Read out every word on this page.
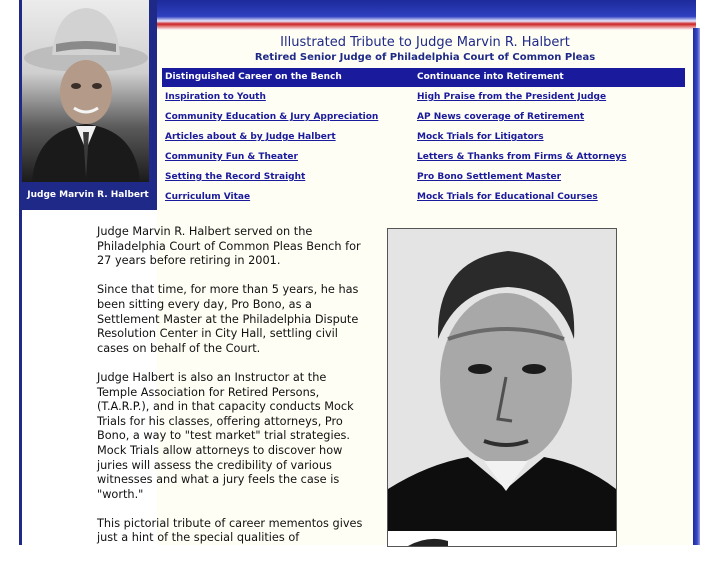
Judge Marvin R. Halbert
Illustrated Tribute to Judge Marvin R. Halbert
Retired Senior Judge of Philadelphia Court of Common Pleas
Distinguished Career on the Bench
Inspiration to Youth
Community Education & Jury Appreciation
Articles about & by Judge Halbert
Community Fun & Theater
Setting the Record Straight
Curriculum Vitae
Continuance into Retirement
High Praise from the President Judge
AP News coverage of Retirement
Mock Trials for Litigators
Letters & Thanks from Firms & Attorneys
Pro Bono Settlement Master
Mock Trials for Educational Courses

Judge Marvin R. Halbert served on the Philadelphia Court of Common Pleas Bench for 27 years before retiring in 2001.

Since that time, for more than 5 years, he has been sitting every day, Pro Bono, as a Settlement Master at the Philadelphia Dispute Resolution Center in City Hall, settling civil cases on behalf of the Court.

Judge Halbert is also an Instructor at the Temple Association for Retired Persons, (T.A.R.P.), and in that capacity conducts Mock Trials for his classes, offering attorneys, Pro Bono, a way to "test market" trial strategies. Mock Trials allow attorneys to discover how juries will assess the credibility of various witnesses and what a jury feels the case is "worth."

This pictorial tribute of career mementos gives just a hint of the special qualities of
